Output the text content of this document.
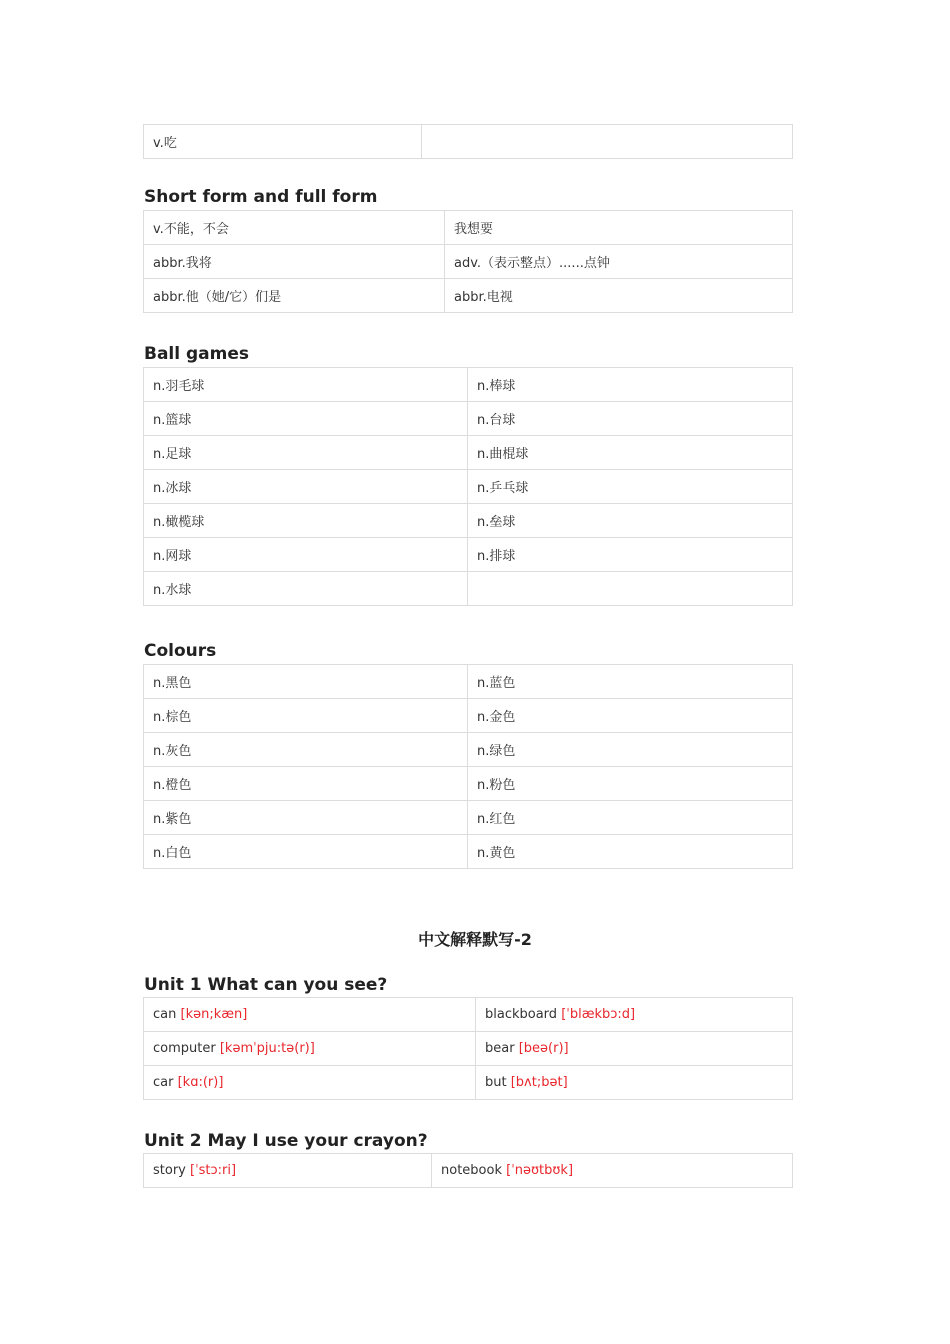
v.吃	
Short form and full form
v.不能，不会	我想要
abbr.我将	adv.（表示整点）......点钟
abbr.他（她/它）们是	abbr.电视
Ball games
n.羽毛球	n.棒球
n.篮球	n.台球
n.足球	n.曲棍球
n.冰球	n.乒乓球
n.橄榄球	n.垒球
n.网球	n.排球
n.水球	
Colours
n.黑色	n.蓝色
n.棕色	n.金色
n.灰色	n.绿色
n.橙色	n.粉色
n.紫色	n.红色
n.白色	n.黄色
中文解释默写-2
Unit 1 What can you see?
can [kən;kæn]	blackboard [ˈblækbɔ:d]
computer [kəmˈpju:tə(r)]	bear [beə(r)]
car [kɑ:(r)]	but [bʌt;bət]
Unit 2 May I use your crayon?
story [ˈstɔ:ri]	notebook [ˈnəʊtbʊk]
